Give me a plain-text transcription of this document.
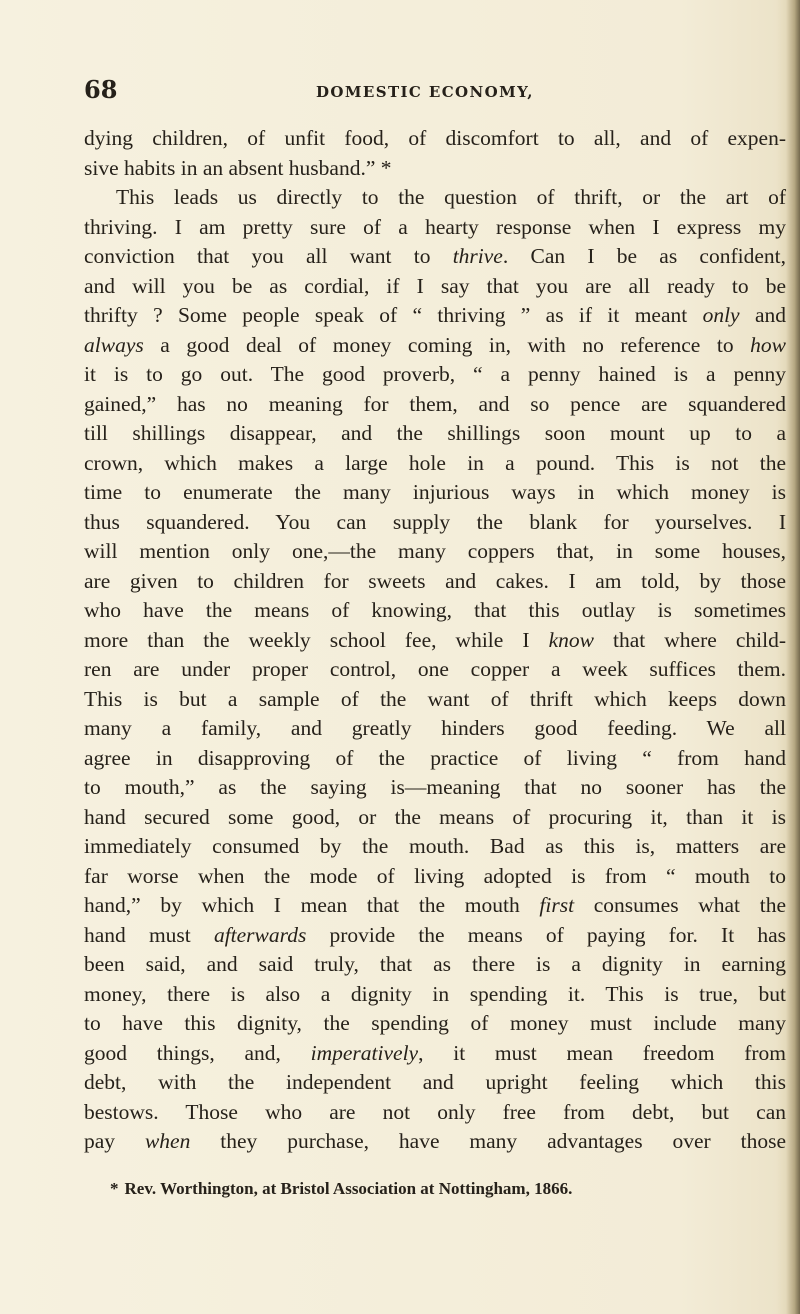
68	DOMESTIC ECONOMY,
dying children, of unfit food, of discomfort to all, and of expen-
sive habits in an absent husband.” *
This leads us directly to the question of thrift, or the art of
thriving. I am pretty sure of a hearty response when I express my
conviction that you all want to thrive. Can I be as confident,
and will you be as cordial, if I say that you are all ready to be
thrifty ? Some people speak of “ thriving ” as if it meant only and
always a good deal of money coming in, with no reference to how
it is to go out. The good proverb, “ a penny hained is a penny
gained,” has no meaning for them, and so pence are squandered
till shillings disappear, and the shillings soon mount up to a
crown, which makes a large hole in a pound. This is not the
time to enumerate the many injurious ways in which money is
thus squandered. You can supply the blank for yourselves. I
will mention only one,—the many coppers that, in some houses,
are given to children for sweets and cakes. I am told, by those
who have the means of knowing, that this outlay is sometimes
more than the weekly school fee, while I know that where child-
ren are under proper control, one copper a week suffices them.
This is but a sample of the want of thrift which keeps down
many a family, and greatly hinders good feeding. We all
agree in disapproving of the practice of living “ from hand
to mouth,” as the saying is—meaning that no sooner has the
hand secured some good, or the means of procuring it, than it is
immediately consumed by the mouth. Bad as this is, matters are
far worse when the mode of living adopted is from “ mouth to
hand,” by which I mean that the mouth first consumes what the
hand must afterwards provide the means of paying for. It has
been said, and said truly, that as there is a dignity in earning
money, there is also a dignity in spending it. This is true, but
to have this dignity, the spending of money must include many
good things, and, imperatively, it must mean freedom from
debt, with the independent and upright feeling which this
bestows. Those who are not only free from debt, but can
pay when they purchase, have many advantages over those
* Rev. Worthington, at Bristol Association at Nottingham, 1866.
